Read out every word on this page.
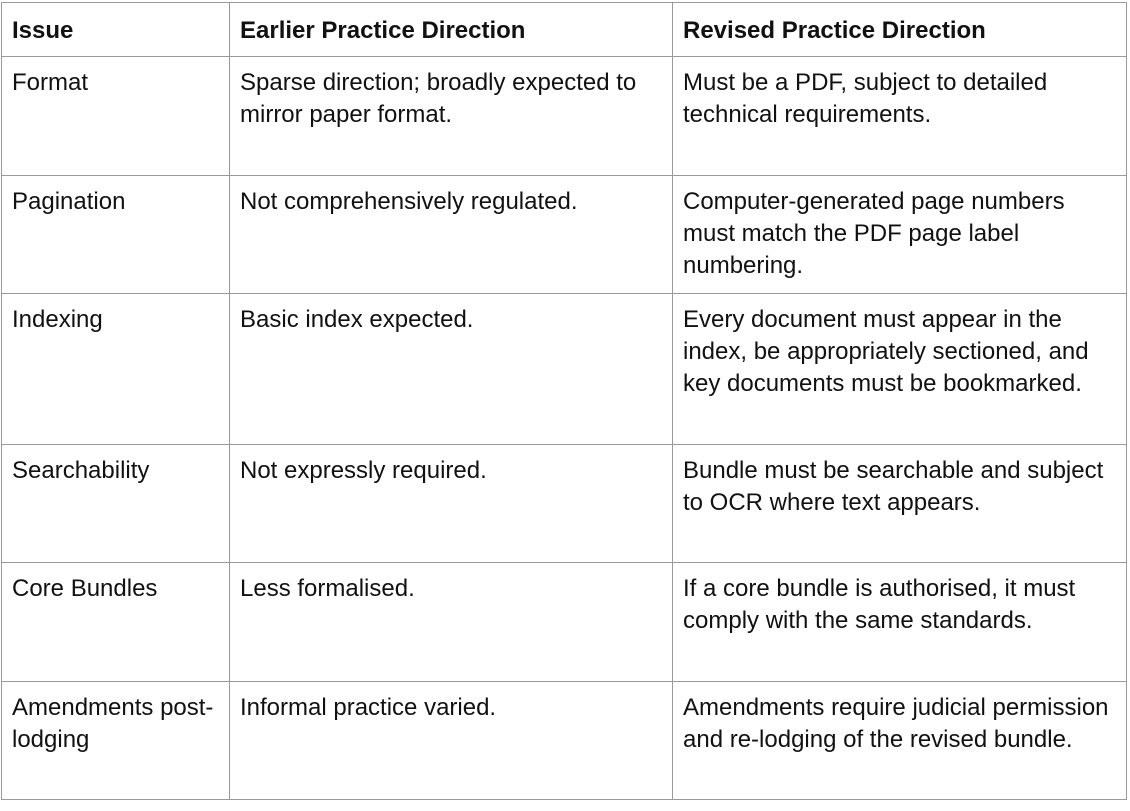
Issue	Earlier Practice Direction	Revised Practice Direction
Format	Sparse direction; broadly expected to mirror paper format.	Must be a PDF, subject to detailed technical requirements.
Pagination	Not comprehensively regulated.	Computer-generated page numbers must match the PDF page label numbering.
Indexing	Basic index expected.	Every document must appear in the index, be appropriately sectioned, and key documents must be bookmarked.
Searchability	Not expressly required.	Bundle must be searchable and subject to OCR where text appears.
Core Bundles	Less formalised.	If a core bundle is authorised, it must comply with the same standards.
Amendments post-lodging	Informal practice varied.	Amendments require judicial permission and re-lodging of the revised bundle.
